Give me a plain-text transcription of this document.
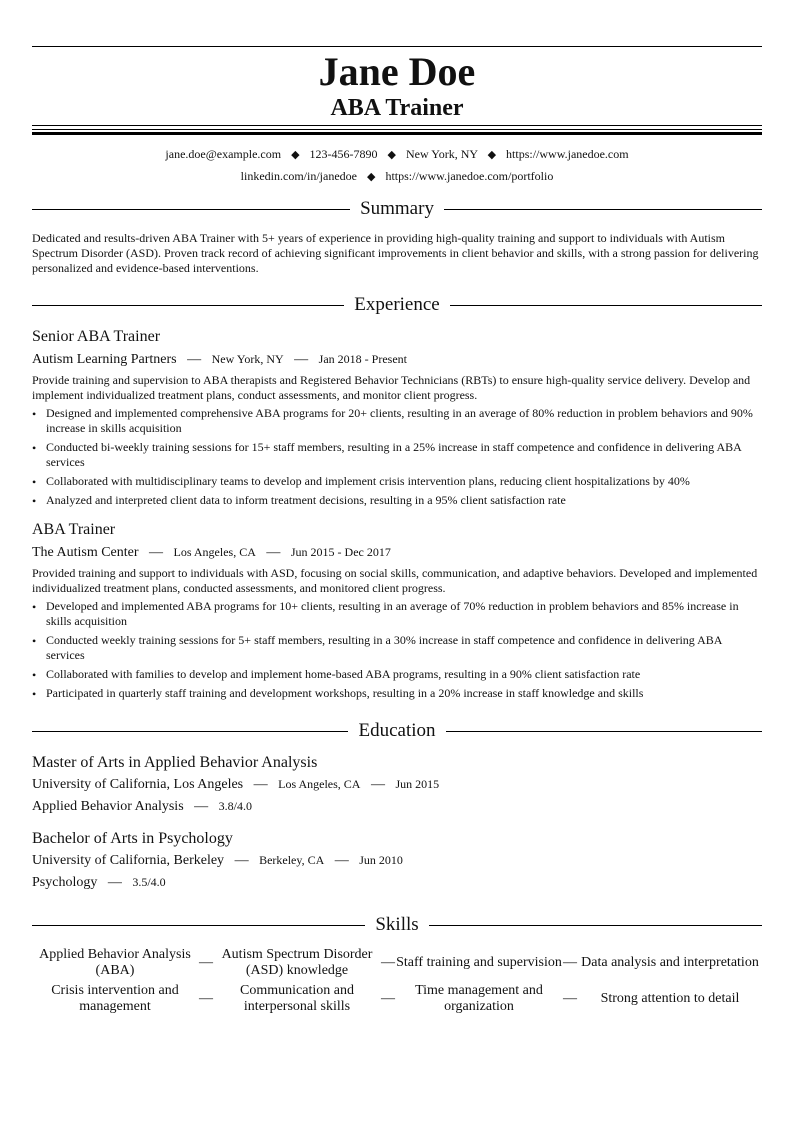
Jane Doe
ABA Trainer
jane.doe@example.com ◆ 123-456-7890 ◆ New York, NY ◆ https://www.janedoe.com
linkedin.com/in/janedoe ◆ https://www.janedoe.com/portfolio
Summary
Dedicated and results-driven ABA Trainer with 5+ years of experience in providing high-quality training and support to individuals with Autism Spectrum Disorder (ASD). Proven track record of achieving significant improvements in client behavior and skills, with a strong passion for delivering personalized and evidence-based interventions.
Experience
Senior ABA Trainer
Autism Learning Partners — New York, NY — Jan 2018 - Present
Provide training and supervision to ABA therapists and Registered Behavior Technicians (RBTs) to ensure high-quality service delivery. Develop and implement individualized treatment plans, conduct assessments, and monitor client progress.
• Designed and implemented comprehensive ABA programs for 20+ clients, resulting in an average of 80% reduction in problem behaviors and 90% increase in skills acquisition
• Conducted bi-weekly training sessions for 15+ staff members, resulting in a 25% increase in staff competence and confidence in delivering ABA services
• Collaborated with multidisciplinary teams to develop and implement crisis intervention plans, reducing client hospitalizations by 40%
• Analyzed and interpreted client data to inform treatment decisions, resulting in a 95% client satisfaction rate
ABA Trainer
The Autism Center — Los Angeles, CA — Jun 2015 - Dec 2017
Provided training and support to individuals with ASD, focusing on social skills, communication, and adaptive behaviors. Developed and implemented individualized treatment plans, conducted assessments, and monitored client progress.
• Developed and implemented ABA programs for 10+ clients, resulting in an average of 70% reduction in problem behaviors and 85% increase in skills acquisition
• Conducted weekly training sessions for 5+ staff members, resulting in a 30% increase in staff competence and confidence in delivering ABA services
• Collaborated with families to develop and implement home-based ABA programs, resulting in a 90% client satisfaction rate
• Participated in quarterly staff training and development workshops, resulting in a 20% increase in staff knowledge and skills
Education
Master of Arts in Applied Behavior Analysis
University of California, Los Angeles — Los Angeles, CA — Jun 2015
Applied Behavior Analysis — 3.8/4.0
Bachelor of Arts in Psychology
University of California, Berkeley — Berkeley, CA — Jun 2010
Psychology — 3.5/4.0
Skills
Applied Behavior Analysis (ABA)
—
Autism Spectrum Disorder (ASD) knowledge
— Staff training and supervision — Data analysis and interpretation
Crisis intervention and management
—
Communication and interpersonal skills
—
Time management and organization
—	Strong attention to detail
